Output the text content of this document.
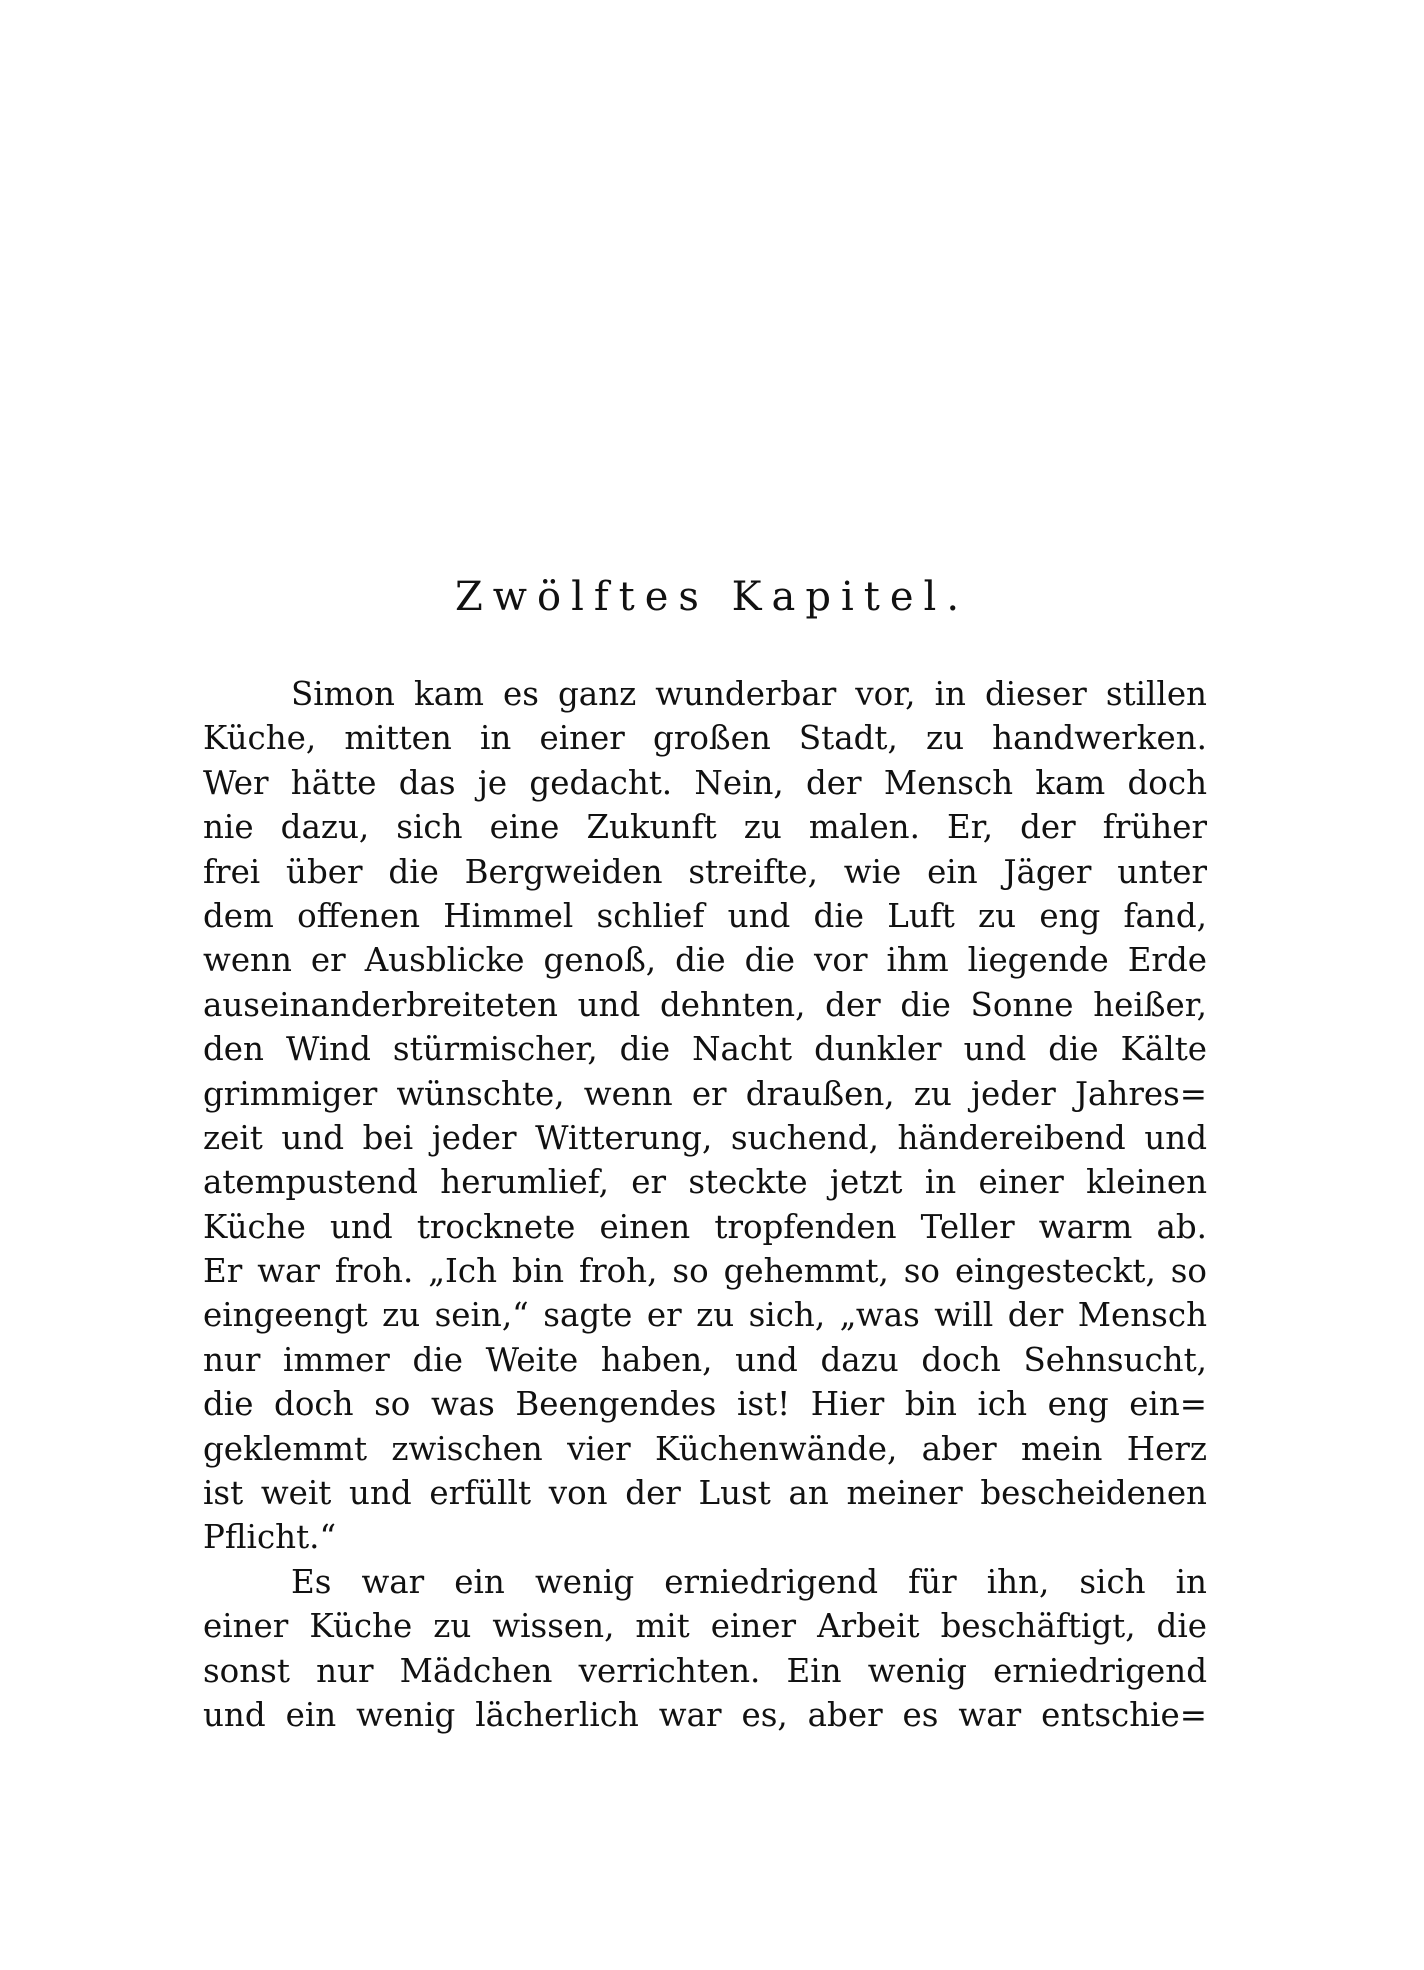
Zwölftes Kapitel.
Simon kam es ganz wunderbar vor, in dieser stillen
Küche, mitten in einer großen Stadt, zu handwerken.
Wer hätte das je gedacht. Nein, der Mensch kam doch
nie dazu, sich eine Zukunft zu malen. Er, der früher
frei über die Bergweiden streifte, wie ein Jäger unter
dem offenen Himmel schlief und die Luft zu eng fand,
wenn er Ausblicke genoß, die die vor ihm liegende Erde
auseinanderbreiteten und dehnten, der die Sonne heißer,
den Wind stürmischer, die Nacht dunkler und die Kälte
grimmiger wünschte, wenn er draußen, zu jeder Jahres=
zeit und bei jeder Witterung, suchend, händereibend und
atempustend herumlief, er steckte jetzt in einer kleinen
Küche und trocknete einen tropfenden Teller warm ab.
Er war froh. „Ich bin froh, so gehemmt, so eingesteckt, so
eingeengt zu sein,“ sagte er zu sich, „was will der Mensch
nur immer die Weite haben, und dazu doch Sehnsucht,
die doch so was Beengendes ist! Hier bin ich eng ein=
geklemmt zwischen vier Küchenwände, aber mein Herz
ist weit und erfüllt von der Lust an meiner bescheidenen
Pflicht.“
Es war ein wenig erniedrigend für ihn, sich in
einer Küche zu wissen, mit einer Arbeit beschäftigt, die
sonst nur Mädchen verrichten. Ein wenig erniedrigend
und ein wenig lächerlich war es, aber es war entschie=
